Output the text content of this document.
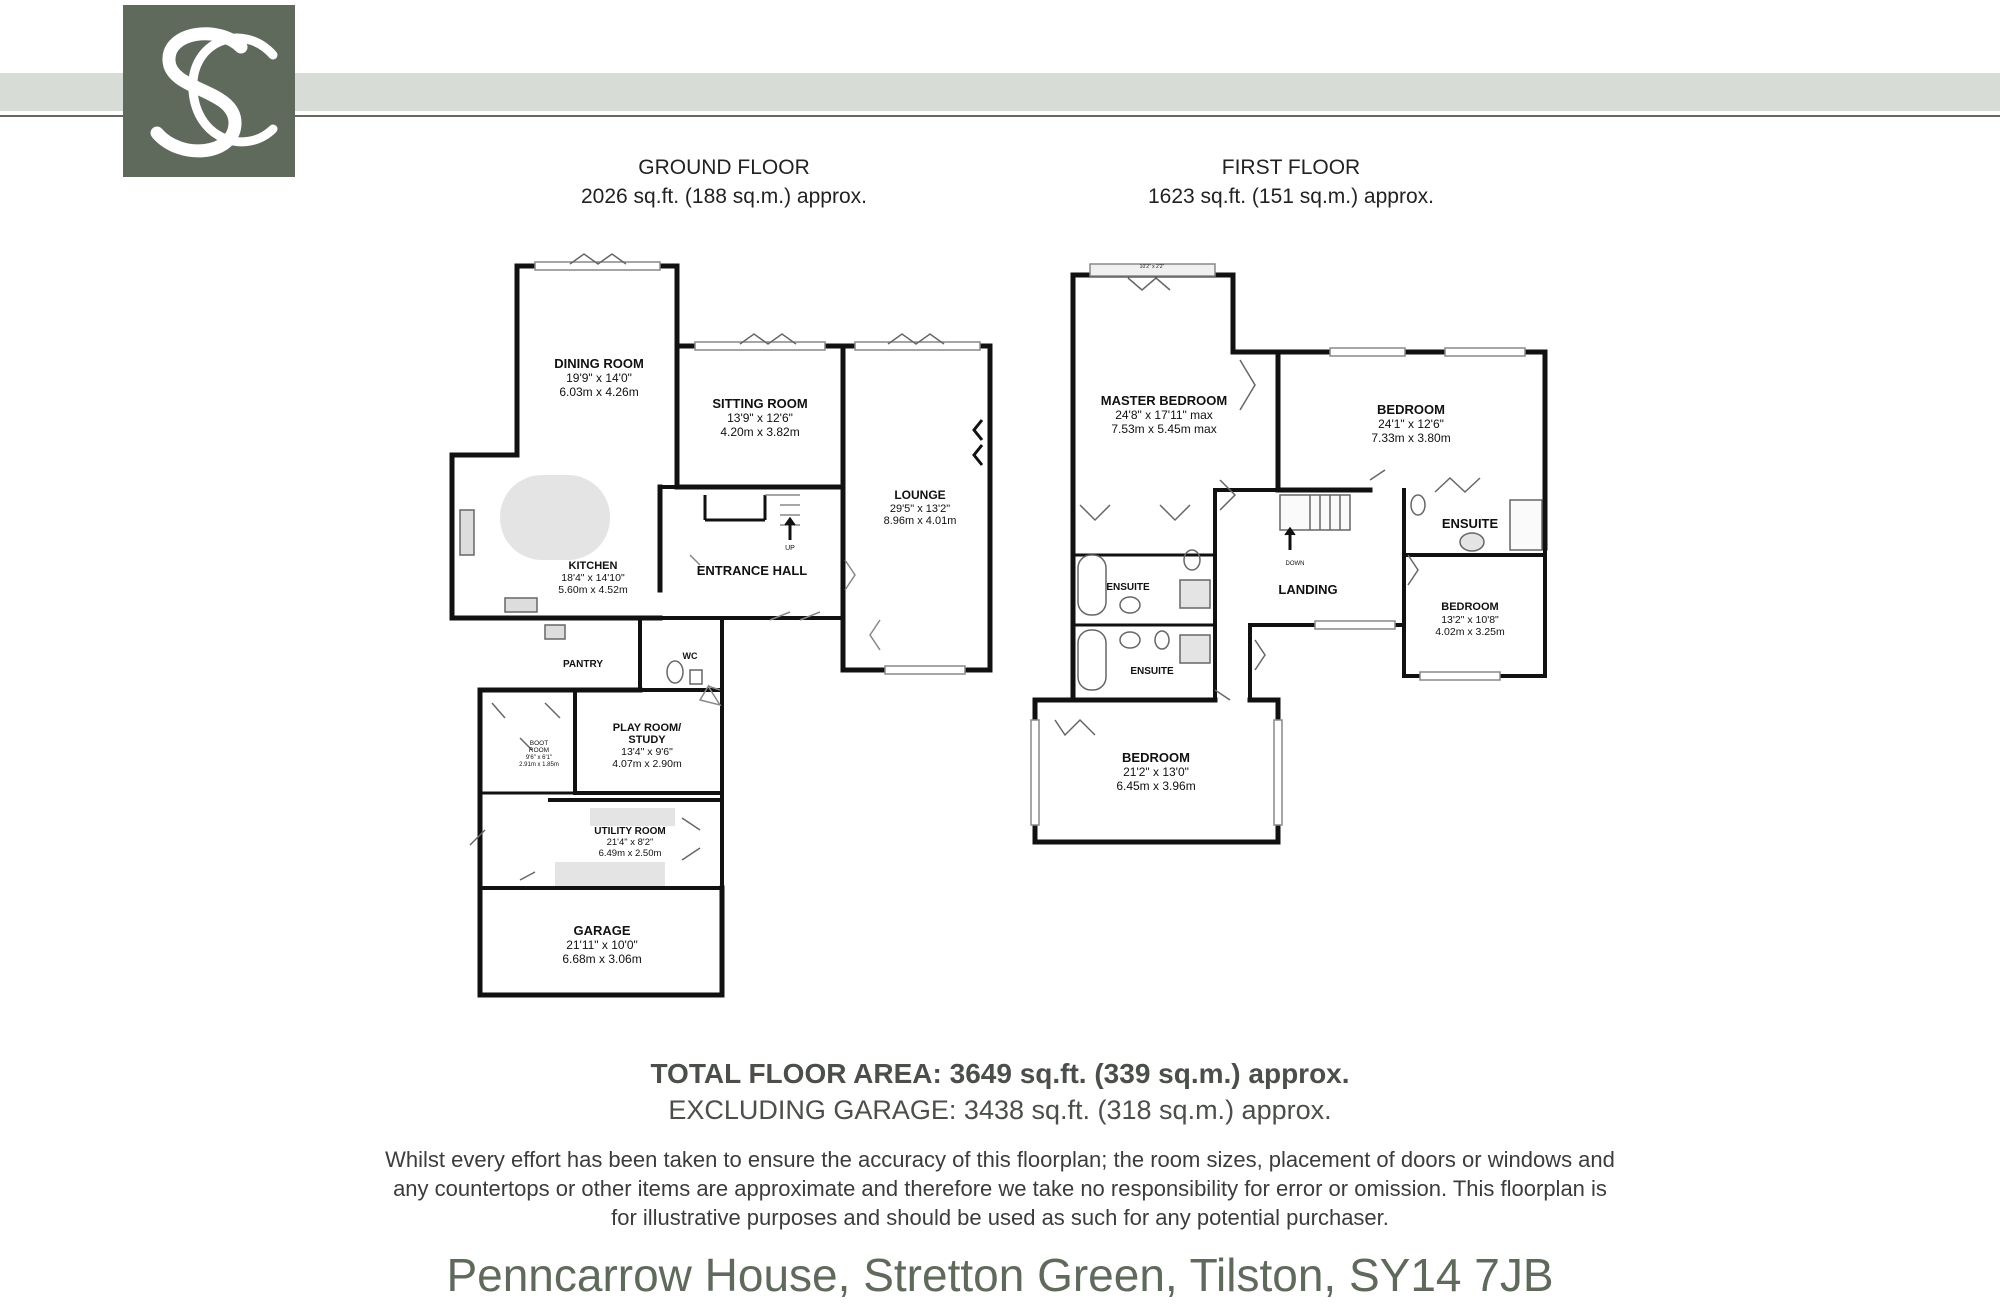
GROUND FLOOR
2026 sq.ft. (188 sq.m.) approx.
FIRST FLOOR
1623 sq.ft. (151 sq.m.) approx.
DINING ROOM
19'9" x 14'0"
6.03m x 4.26m
SITTING ROOM
13'9" x 12'6"
4.20m x 3.82m
LOUNGE
29'5" x 13'2"
8.96m x 4.01m
KITCHEN
18'4" x 14'10"
5.60m x 4.52m
ENTRANCE HALL
UP
PANTRY
WC
PLAY ROOM/
STUDY
13'4" x 9'6"
4.07m x 2.90m
BOOT
ROOM
9'6" x 6'1"
2.91m x 1.85m
UTILITY ROOM
21'4" x 8'2"
6.49m x 2.50m
GARAGE
21'11" x 10'0"
6.68m x 3.06m
10'2" x 2'2"
MASTER BEDROOM
24'8" x 17'11" max
7.53m x 5.45m max
BEDROOM
24'1" x 12'6"
7.33m x 3.80m
ENSUITE
BEDROOM
13'2" x 10'8"
4.02m x 3.25m
ENSUITE
ENSUITE
LANDING
DOWN
BEDROOM
21'2" x 13'0"
6.45m x 3.96m
TOTAL FLOOR AREA: 3649 sq.ft. (339 sq.m.) approx.
EXCLUDING GARAGE: 3438 sq.ft. (318 sq.m.) approx.
Whilst every effort has been taken to ensure the accuracy of this floorplan; the room sizes, placement of doors or windows and any countertops or other items are approximate and therefore we take no responsibility for error or omission. This floorplan is for illustrative purposes and should be used as such for any potential purchaser.
Penncarrow House, Stretton Green, Tilston, SY14 7JB
